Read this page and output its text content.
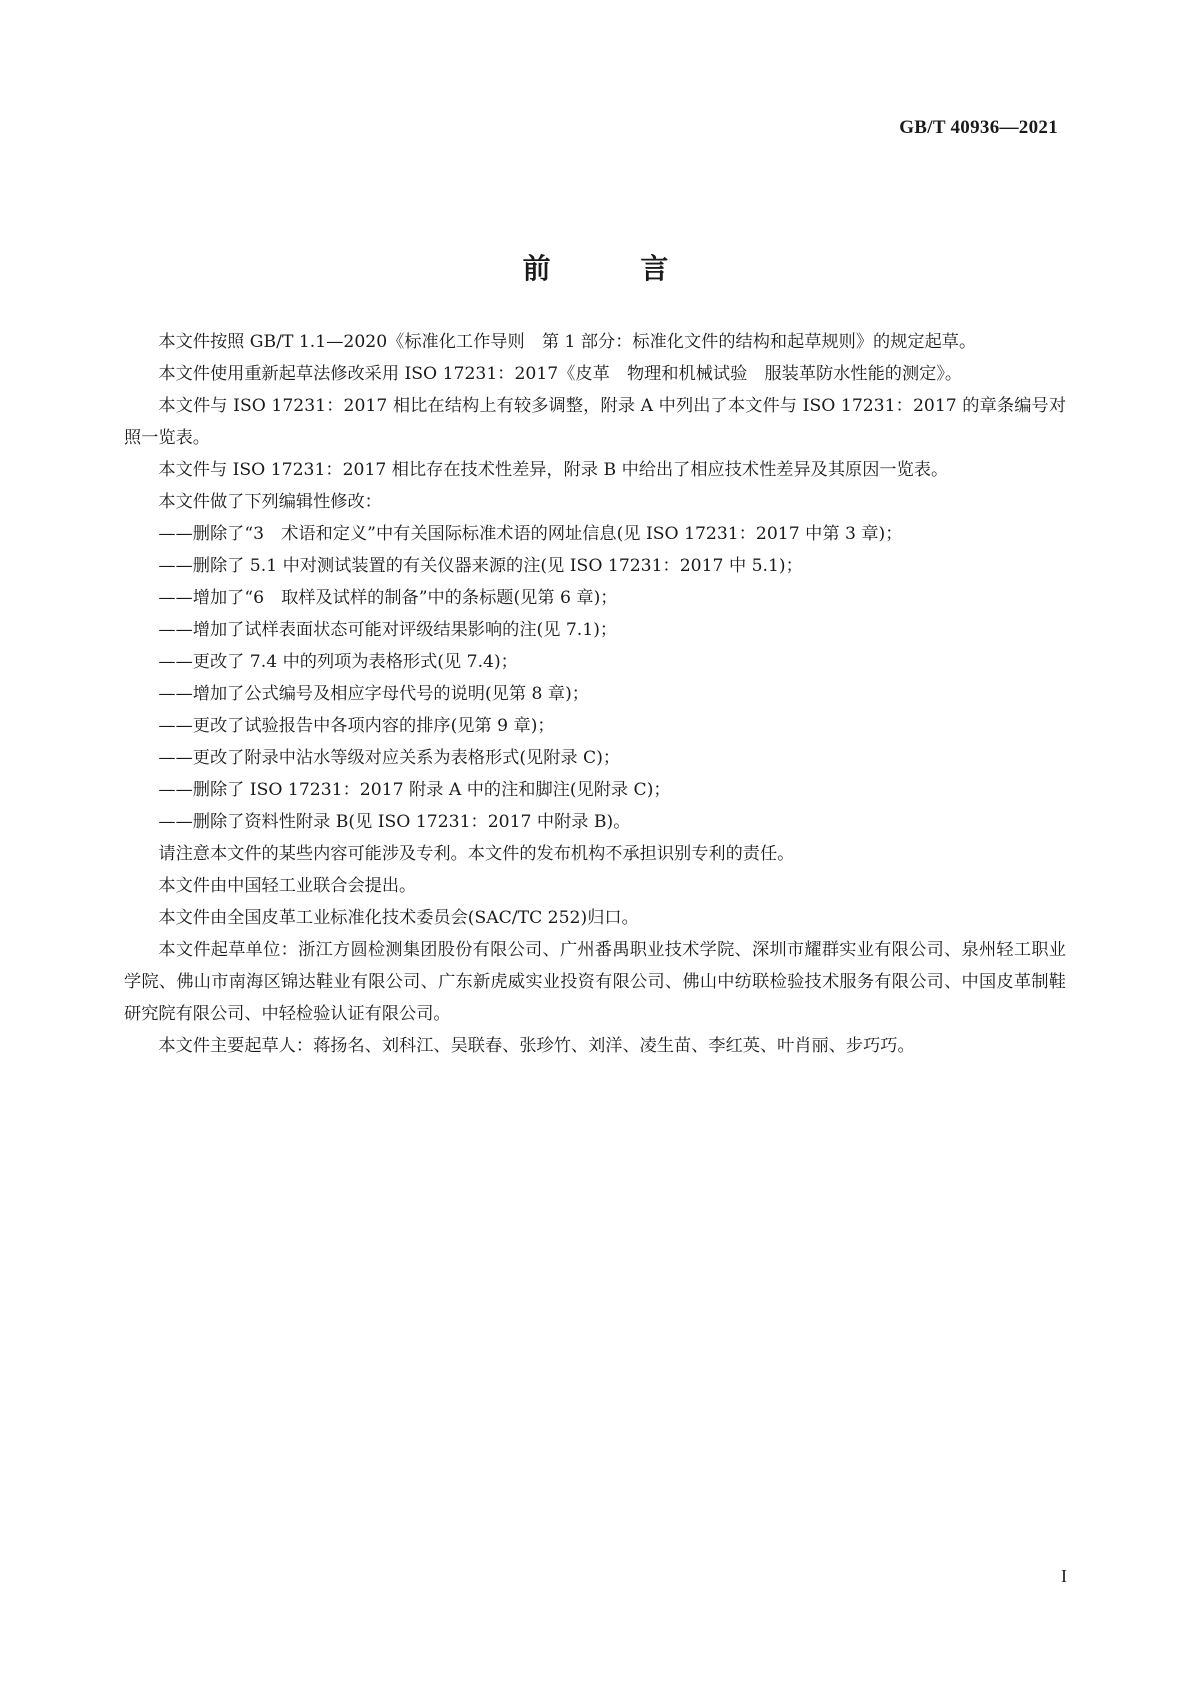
GB/T 40936—2021
前 言

本文件按照 GB/T 1.1—2020《标准化工作导则　第 1 部分：标准化文件的结构和起草规则》的规定起草。

本文件使用重新起草法修改采用 ISO 17231：2017《皮革　物理和机械试验　服装革防水性能的测定》。

本文件与 ISO 17231：2017 相比在结构上有较多调整，附录 A 中列出了本文件与 ISO 17231：2017 的章条编号对照一览表。

本文件与 ISO 17231：2017 相比存在技术性差异，附录 B 中给出了相应技术性差异及其原因一览表。

本文件做了下列编辑性修改：

——删除了“3　术语和定义”中有关国际标准术语的网址信息(见 ISO 17231：2017 中第 3 章)；
——删除了 5.1 中对测试装置的有关仪器来源的注(见 ISO 17231：2017 中 5.1)；
——增加了“6　取样及试样的制备”中的条标题(见第 6 章)；
——增加了试样表面状态可能对评级结果影响的注(见 7.1)；
——更改了 7.4 中的列项为表格形式(见 7.4)；
——增加了公式编号及相应字母代号的说明(见第 8 章)；
——更改了试验报告中各项内容的排序(见第 9 章)；
——更改了附录中沾水等级对应关系为表格形式(见附录 C)；
——删除了 ISO 17231：2017 附录 A 中的注和脚注(见附录 C)；
——删除了资料性附录 B(见 ISO 17231：2017 中附录 B)。

请注意本文件的某些内容可能涉及专利。本文件的发布机构不承担识别专利的责任。

本文件由中国轻工业联合会提出。

本文件由全国皮革工业标准化技术委员会(SAC/TC 252)归口。

本文件起草单位：浙江方圆检测集团股份有限公司、广州番禺职业技术学院、深圳市耀群实业有限公司、泉州轻工职业学院、佛山市南海区锦达鞋业有限公司、广东新虎威实业投资有限公司、佛山中纺联检验技术服务有限公司、中国皮革制鞋研究院有限公司、中轻检验认证有限公司。

本文件主要起草人：蒋扬名、刘科江、吴联春、张珍竹、刘洋、凌生苗、李红英、叶肖丽、步巧巧。

I
